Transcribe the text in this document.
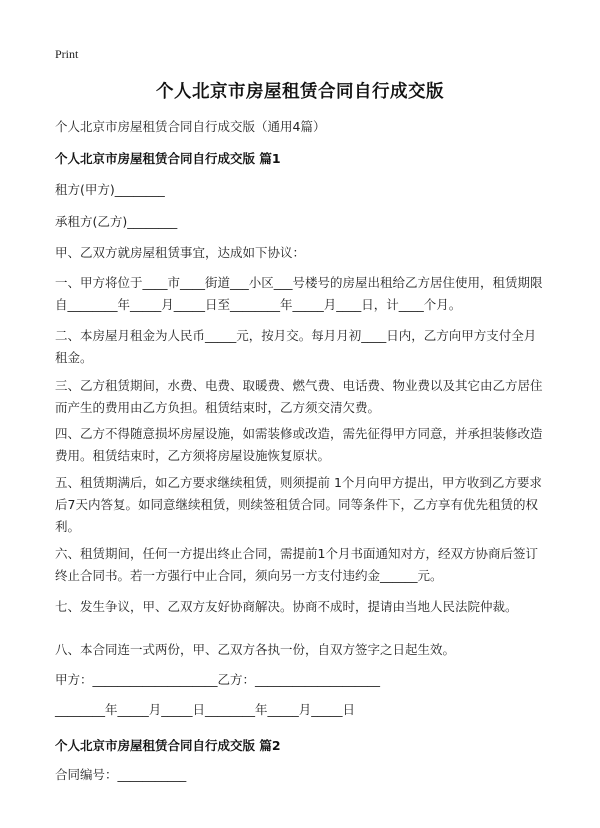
Print
个人北京市房屋租赁合同自行成交版
个人北京市房屋租赁合同自行成交版（通用4篇）
个人北京市房屋租赁合同自行成交版 篇1
租方(甲方)________
承租方(乙方)________
甲、乙双方就房屋租赁事宜，达成如下协议：
一、甲方将位于____市____街道___小区___号楼号的房屋出租给乙方居住使用，租赁期限自________年_____月_____日至________年_____月____日，计____个月。
二、本房屋月租金为人民币_____元，按月交。每月月初____日内，乙方向甲方支付全月租金。
三、乙方租赁期间，水费、电费、取暖费、燃气费、电话费、物业费以及其它由乙方居住而产生的费用由乙方负担。租赁结束时，乙方须交清欠费。
四、乙方不得随意损坏房屋设施，如需装修或改造，需先征得甲方同意，并承担装修改造费用。租赁结束时，乙方须将房屋设施恢复原状。
五、租赁期满后，如乙方要求继续租赁，则须提前 1个月向甲方提出，甲方收到乙方要求后7天内答复。如同意继续租赁，则续签租赁合同。同等条件下，乙方享有优先租赁的权利。
六、租赁期间，任何一方提出终止合同，需提前1个月书面通知对方，经双方协商后签订终止合同书。若一方强行中止合同，须向另一方支付违约金______元。
七、发生争议，甲、乙双方友好协商解决。协商不成时，提请由当地人民法院仲裁。
八、本合同连一式两份，甲、乙双方各执一份，自双方签字之日起生效。
甲方：____________________乙方：____________________
________年_____月_____日________年_____月_____日
个人北京市房屋租赁合同自行成交版 篇2
合同编号：___________
